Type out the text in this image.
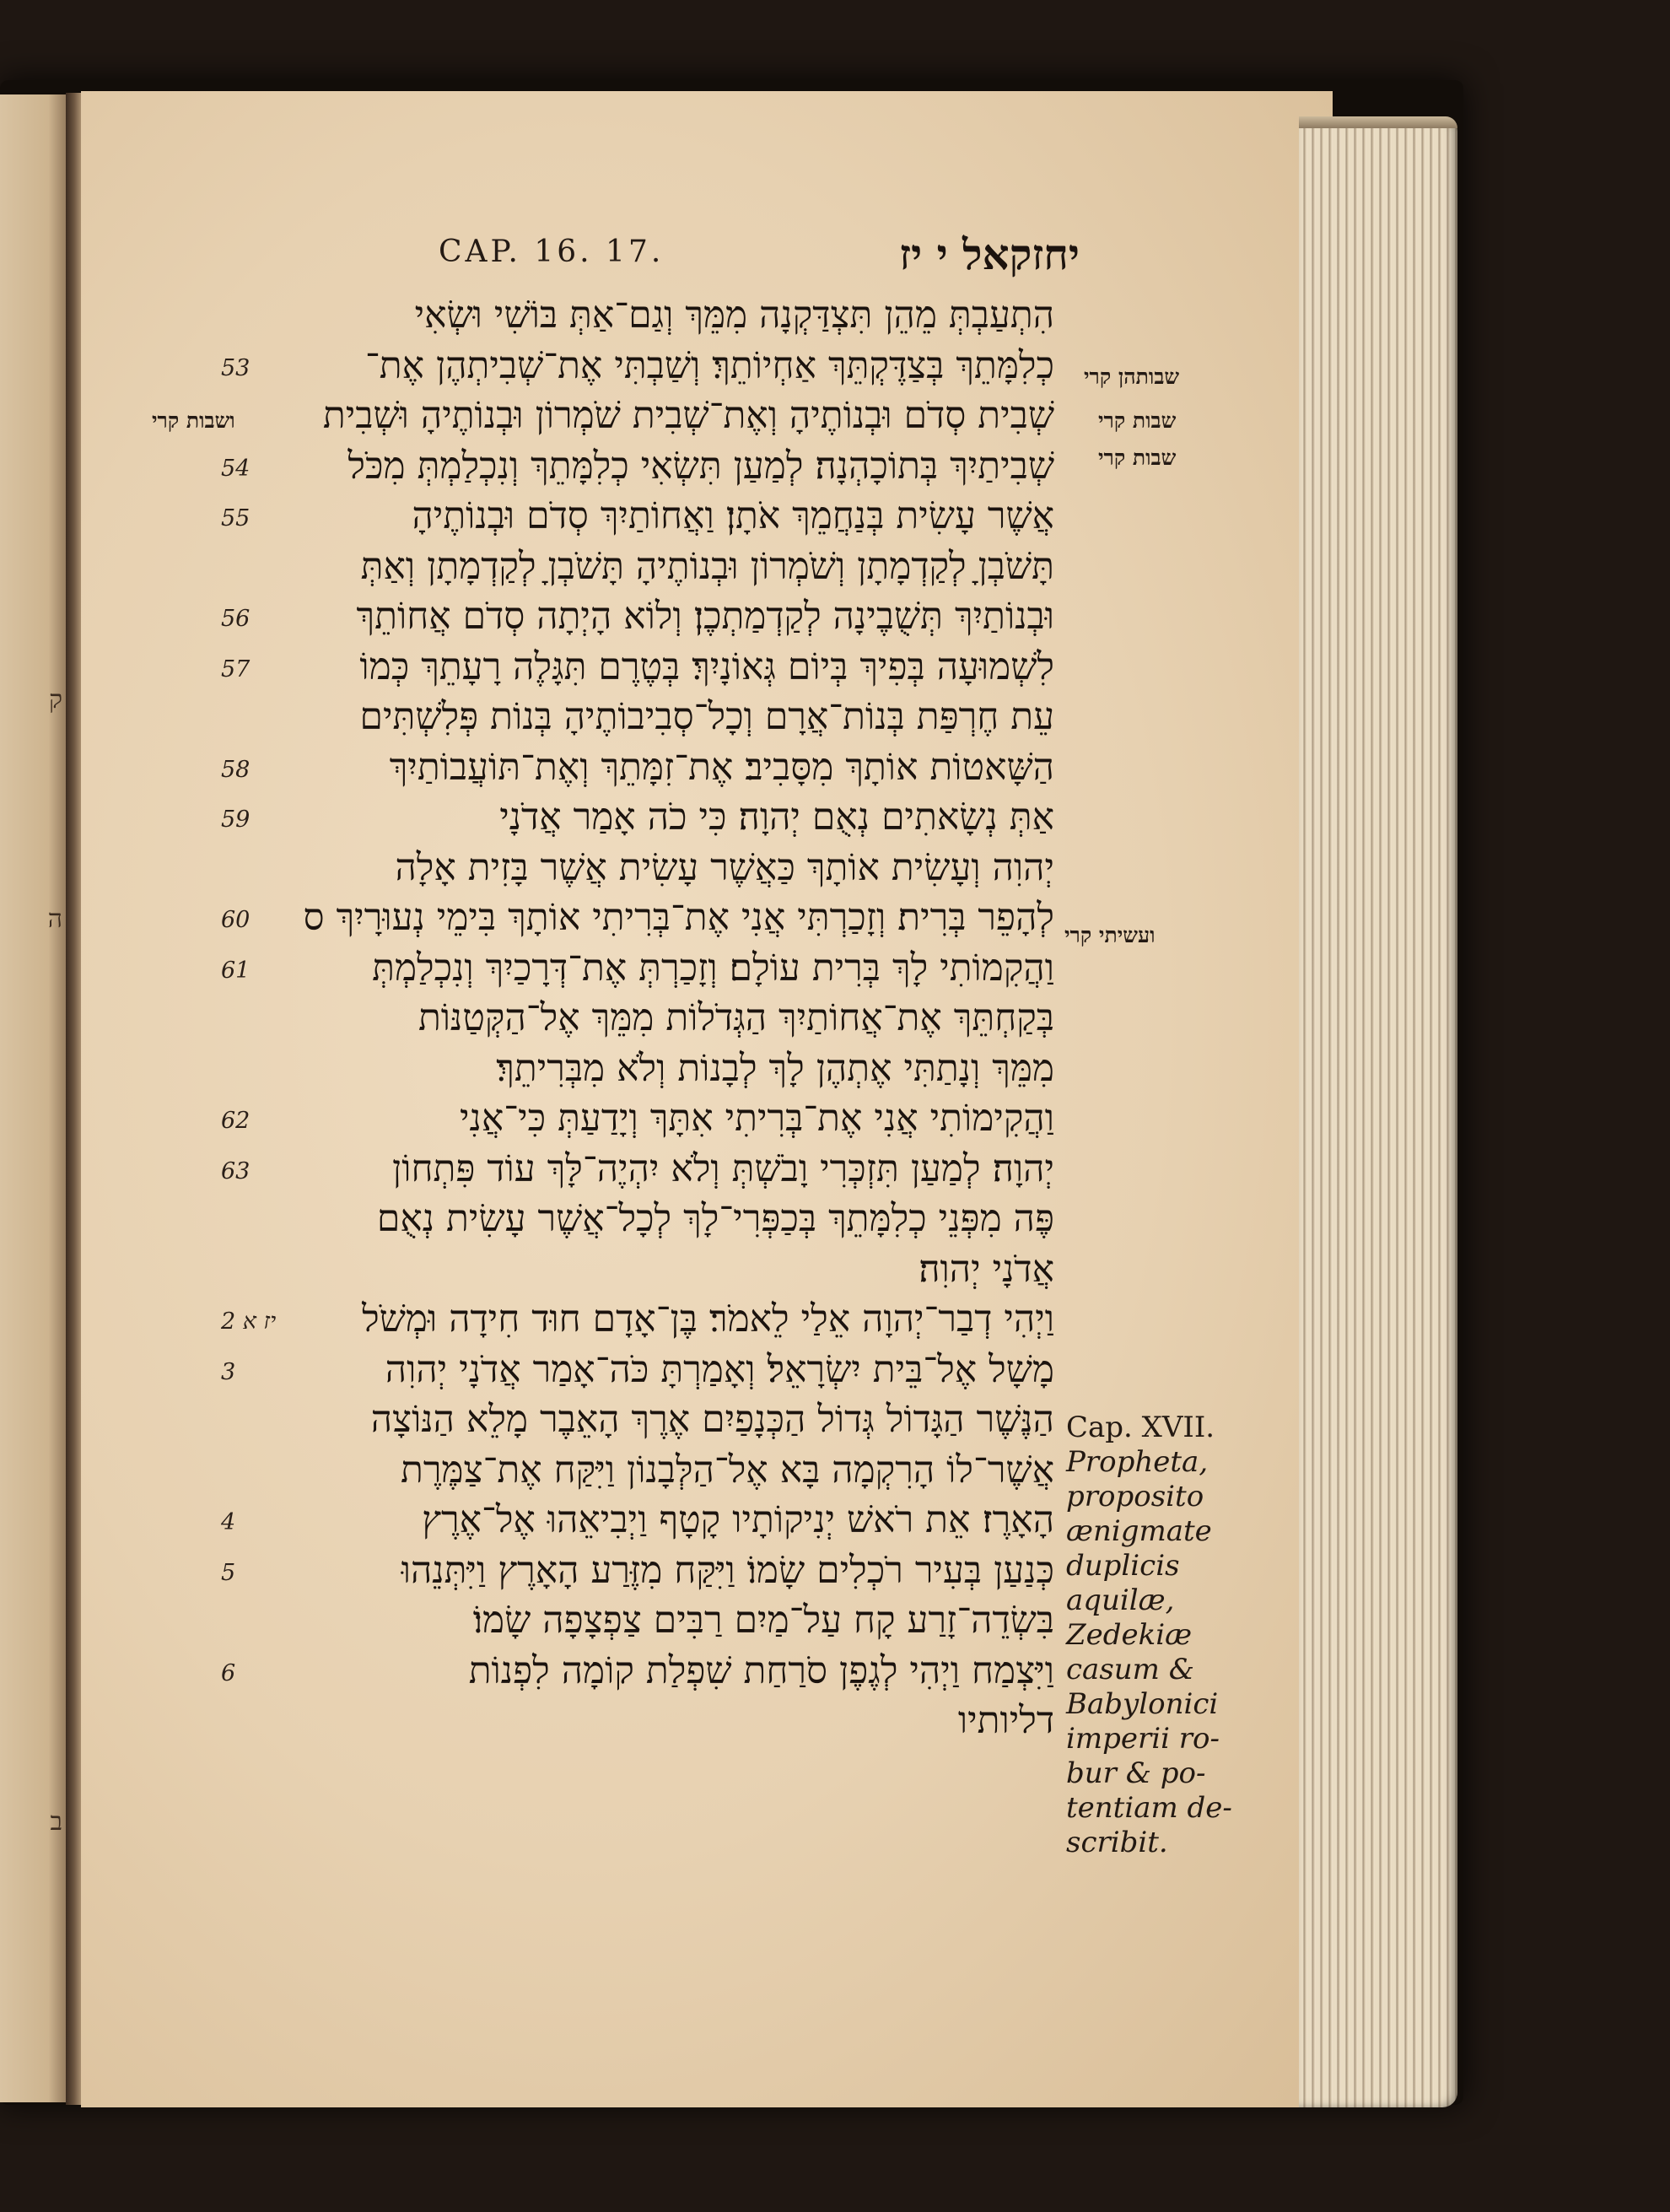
ק
ה
ב
CAP. 16. 17.	יחזקאל י יז
הִתְעַבְתְּ מֵהֵן תִּצְדַּקְנָה מִמֵּךְ וְגַם־אַתְּ בּוֹשִׁי וּשְׂאִי
53	כְלִמָּתֵךְ בְּצַדֶּקְתֵּךְ אַחְיוֹתֵךְ׃ וְשַׁבְתִּי אֶת־שְׁבִיתְהֶן אֶת־
שְׁבִית סְדֹם וּבְנוֹתֶיהָ וְאֶת־שְׁבִית שֹׁמְרוֹן וּבְנוֹתֶיהָ וּשְׁבִית
54	שְׁבִיתַיִךְ בְּתוֹכָהְנָה׃ לְמַעַן תִּשְׂאִי כְלִמָּתֵךְ וְנִכְלַמְתְּ מִכֹּל
55	אֲשֶׁר עָשִׂית בְּנַחֲמֵךְ אֹתָן׃ וַאֲחוֹתַיִךְ סְדֹם וּבְנוֹתֶיהָ
תָּשֹׁבְןָ לְקַדְמָתָן וְשֹׁמְרוֹן וּבְנוֹתֶיהָ תָּשֹׁבְןָ לְקַדְמָתָן וְאַתְּ
56	וּבְנוֹתַיִךְ תְּשֻׁבֶינָה לְקַדְמַתְכֶן׃ וְלוֹא הָיְתָה סְדֹם אֲחוֹתֵךְ
57	לִשְׁמוּעָה בְּפִיךְ בְּיוֹם גְּאוֹנָיִךְ׃ בְּטֶרֶם תִּגָּלֶה רָעָתֵךְ כְּמוֹ
עֵת חֶרְפַּת בְּנוֹת־אֲרָם וְכָל־סְבִיבוֹתֶיהָ בְּנוֹת פְּלִשְׁתִּים
58	הַשָּׁאטוֹת אוֹתָךְ מִסָּבִיב׃ אֶת־זִמָּתֵךְ וְאֶת־תּוֹעֲבוֹתַיִךְ
59	אַתְּ נְשָׂאתִים נְאֻם יְהוָה׃ כִּי כֹה אָמַר אֲדֹנָי
יְהוִה וְעָשִׂית אוֹתָךְ כַּאֲשֶׁר עָשִׂית אֲשֶׁר בָּזִית אָלָה
60 לְהָפֵר בְּרִית׃ וְזָכַרְתִּי אֲנִי אֶת־בְּרִיתִי אוֹתָךְ בִּימֵי נְעוּרָיִךְ ס
61	וַהֲקִמוֹתִי לָךְ בְּרִית עוֹלָם׃ וְזָכַרְתְּ אֶת־דְּרָכַיִךְ וְנִכְלַמְתְּ
בְּקַחְתֵּךְ אֶת־אֲחוֹתַיִךְ הַגְּדֹלוֹת מִמֵּךְ אֶל־הַקְּטַנּוֹת
מִמֵּךְ וְנָתַתִּי אֶתְהֶן לָךְ לְבָנוֹת וְלֹא מִבְּרִיתֵךְ׃
62	וַהֲקִימוֹתִי אֲנִי אֶת־בְּרִיתִי אִתָּךְ וְיָדַעַתְּ כִּי־אֲנִי
63	יְהוָה׃ לְמַעַן תִּזְכְּרִי וָבֹשְׁתְּ וְלֹא יִהְיֶה־לָּךְ עוֹד פִּתְחוֹן
פֶּה מִפְּנֵי כְלִמָּתֵךְ בְּכַפְּרִי־לָךְ לְכָל־אֲשֶׁר עָשִׂית נְאֻם
אֲדֹנָי יְהוִה׃
2 יז א וַיְהִי דְבַר־יְהוָה אֵלַי לֵאמֹר׃ בֶּן־אָדָם חוּד חִידָה וּמְשֹׁל
3	מָשָׁל אֶל־בֵּית יִשְׂרָאֵל׃ וְאָמַרְתָּ כֹּה־אָמַר אֲדֹנָי יְהוִה
הַנֶּשֶׁר הַגָּדוֹל גְּדוֹל הַכְּנָפַיִם אֶרֶךְ הָאֵבֶר מָלֵא הַנּוֹצָה
אֲשֶׁר־לוֹ הָרִקְמָה בָּא אֶל־הַלְּבָנוֹן וַיִּקַּח אֶת־צַמֶּרֶת
4	הָאָרֶז׃ אֵת רֹאשׁ יְנִיקוֹתָיו קָטָף וַיְבִיאֵהוּ אֶל־אֶרֶץ
5	כְּנַעַן בְּעִיר רֹכְלִים שָׂמוֹ׃ וַיִּקַּח מִזֶּרַע הָאָרֶץ וַיִּתְּנֵהוּ
בִּשְׂדֵה־זָרַע קָח עַל־מַיִם רַבִּים צַפְצָפָה שָׂמוֹ׃
6	וַיִּצְמַח וַיְהִי לְגֶפֶן סֹרַחַת שִׁפְלַת קוֹמָה לִפְנוֹת
דליותיו
שבותהן קרי
ושבות קרי	שבות קרי
שבות קרי
ועשיתי קרי
Cap. XVII.
Propheta,
proposito
ænigmate
duplicis
aquilæ,
Zedekiæ
casum &
Babylonici
imperii ro-
bur & po-
tentiam de-
scribit.
